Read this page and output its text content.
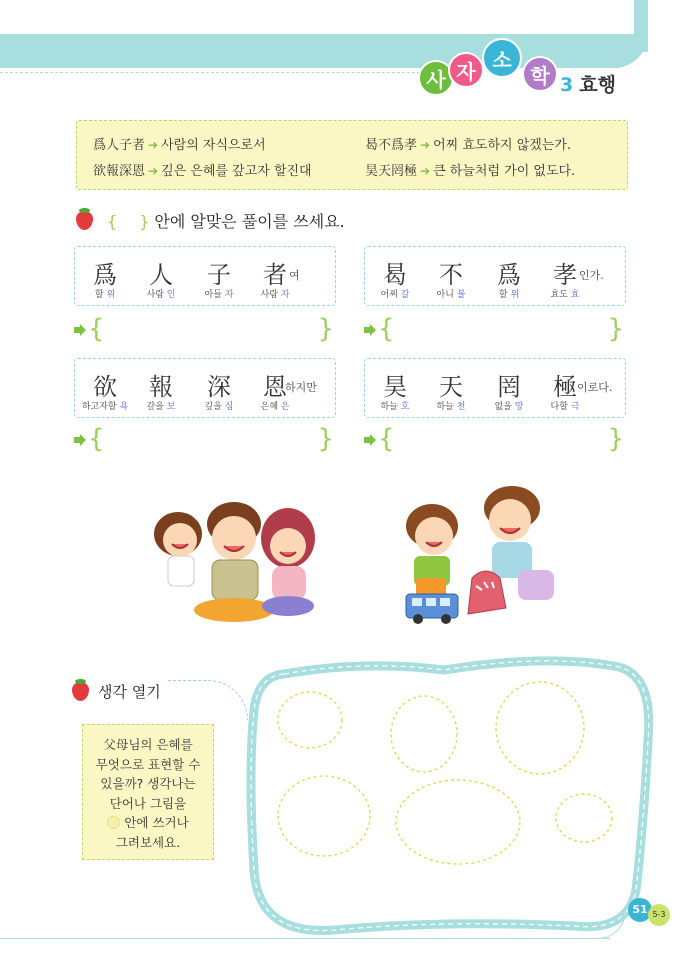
사 자 소
학 3 효행
爲人子者 ➔ 사람의 자식으로서
欲報深恩 ➔ 깊은 은혜를 갚고자 할진대
曷不爲孝 ➔ 어찌 효도하지 않겠는가.
昊天罔極 ➔ 큰 하늘처럼 가이 없도다.
{ } 안에 알맞은 풀이를 쓰세요.
爲	人	子	者 여
할 위	사람 인	아들 자	사람 자
曷	不	爲	孝 인가.
어찌 갈	아니 불	할 위	효도 효
欲	報	深	恩
하지만
하고자할 욕	갚을 보	깊을 심	은혜 은
昊	天	罔	極 이로다.
하늘 호	하늘 천	없을 망	다할 극
{	} {	}
{	} {	}
생각 열기
父母님의 은혜를
무엇으로 표현할 수
있을까? 생각나는
단어나 그림을
안에 쓰거나
그려보세요.
51 5-3
